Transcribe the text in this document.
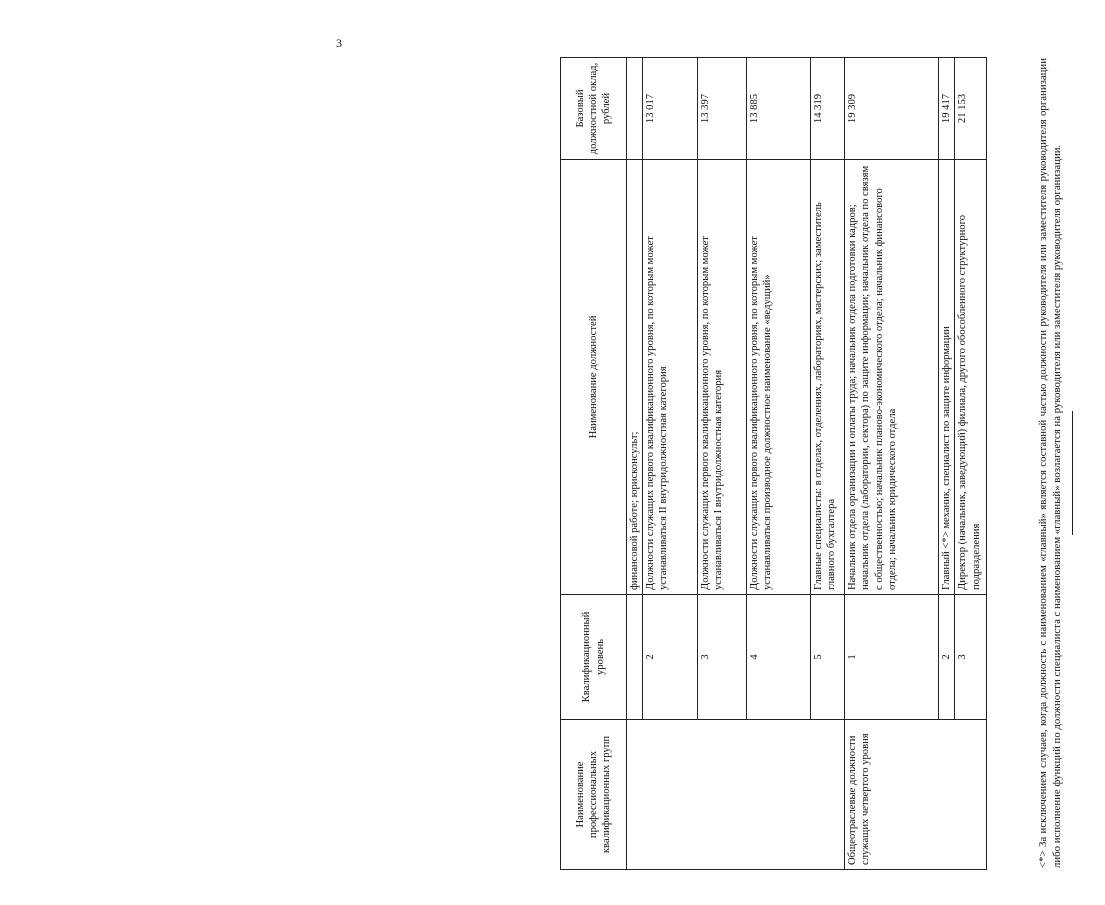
3
Наименование профессиональных квалификационных групп	Квалификационный уровень	Наименование должностей	Базовый должностной оклад, рублей
		финансовой работе; юрисконсульт;	
	2	Должности служащих первого квалификационного уровня, по которым может устанавливаться II внутридолжностная категория	13 017
	3	Должности служащих первого квалификационного уровня, по которым может устанавливаться I внутридолжностная категория	13 397
	4	Должности служащих первого квалификационного уровня, по которым может устанавливаться производное должностное наименование «ведущий»	13 885
	5	Главные специалисты: в отделах, отделениях, лабораториях, мастерских; заместитель главного бухгалтера	14 319
Общеотраслевые должности служащих четвертого уровня	1	Начальник отдела организации и оплаты труда; начальник отдела подготовки кадров; начальник отдела (лаборатории, сектора) по защите информации; начальник отдела по связям с общественностью; начальник планово-экономического отдела; начальник финансового отдела; начальник юридического отдела	19 309
	2	Главный <*> механик, специалист по защите информации	19 417
	3	Директор (начальник, заведующий) филиала, другого обособленного структурного подразделения	21 153	<*> За исключением случаев, когда должность с наименованием «главный» является составной частью должности руководителя или заместителя руководителя организации либо исполнение функций по должности специалиста с наименованием «главный» возлагается на руководителя или заместителя руководителя организации.
